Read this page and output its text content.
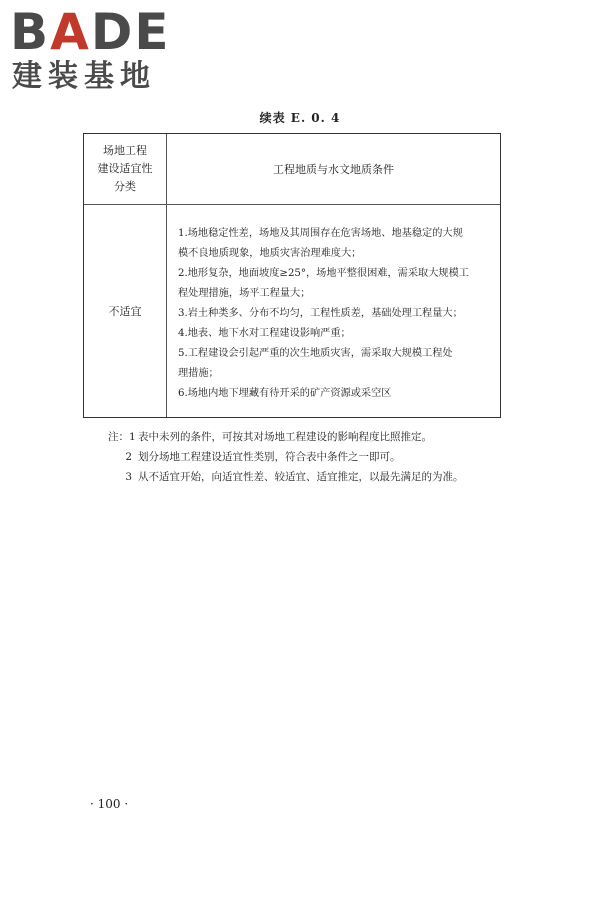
BADE
建装基地
续表 E. 0. 4
场地工程
建设适宜性
分类
工程地质与水文地质条件
不适宜
1.场地稳定性差，场地及其周围存在危害场地、地基稳定的大规
模不良地质现象，地质灾害治理难度大；
2.地形复杂，地面坡度≥25°，场地平整很困难，需采取大规模工
程处理措施，场平工程量大；
3.岩土种类多、分布不均匀，工程性质差，基础处理工程量大；
4.地表、地下水对工程建设影响严重；
5.工程建设会引起严重的次生地质灾害，需采取大规模工程处
理措施；
6.场地内地下埋藏有待开采的矿产资源或采空区
注：1 表中未列的条件，可按其对场地工程建设的影响程度比照推定。
2 划分场地工程建设适宜性类别，符合表中条件之一即可。
3 从不适宜开始，向适宜性差、较适宜、适宜推定，以最先满足的为准。
· 100 ·
